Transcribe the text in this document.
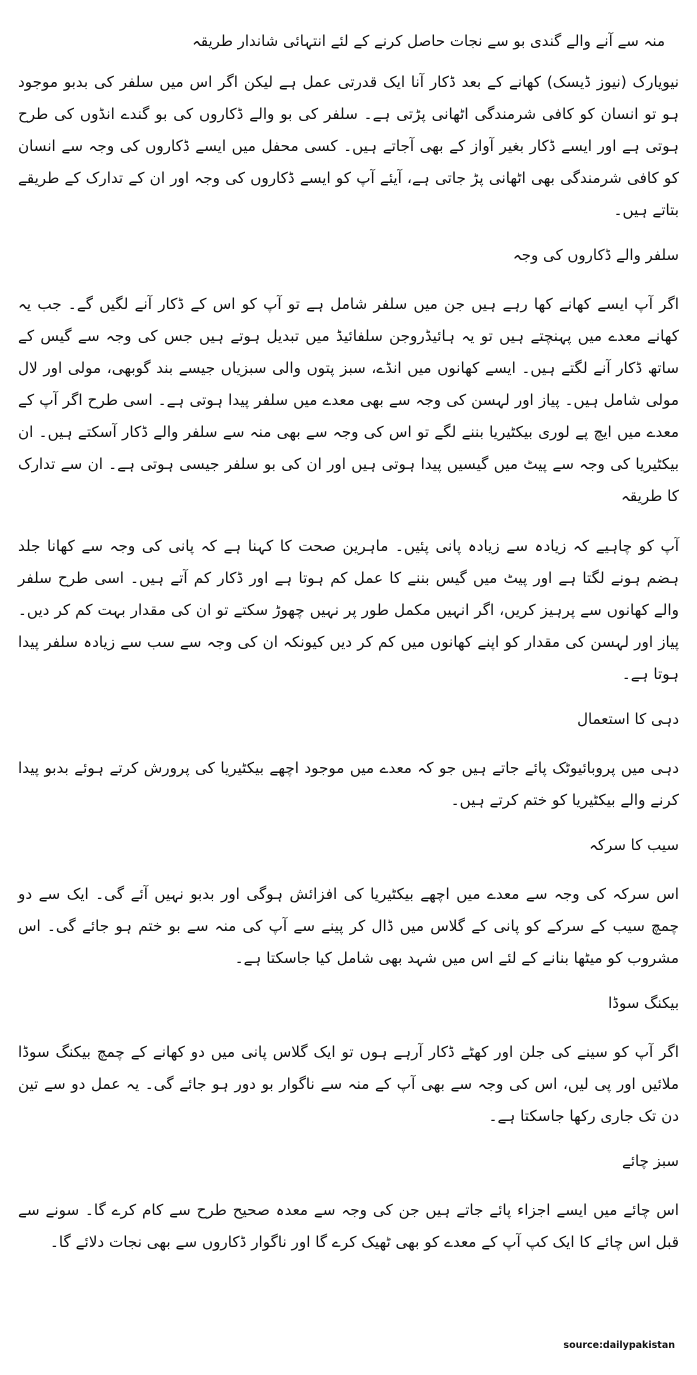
منہ سے آنے والے گندی بو سے نجات حاصل کرنے کے لئے انتہائی شاندار طریقہ

نیویارک (نیوز ڈیسک) کھانے کے بعد ڈکار آنا ایک قدرتی عمل ہے لیکن اگر اس میں سلفر کی بدبو موجود ہو تو انسان کو کافی شرمندگی اٹھانی پڑتی ہے۔ سلفر کی بو والے ڈکاروں کی بو گندے انڈوں کی طرح ہوتی ہے اور ایسے ڈکار بغیر آواز کے بھی آجاتے ہیں۔ کسی محفل میں ایسے ڈکاروں کی وجہ سے انسان کو کافی شرمندگی بھی اٹھانی پڑ جاتی ہے، آیئے آپ کو ایسے ڈکاروں کی وجہ اور ان کے تدارک کے طریقے بتاتے ہیں۔

سلفر والے ڈکاروں کی وجہ

اگر آپ ایسے کھانے کھا رہے ہیں جن میں سلفر شامل ہے تو آپ کو اس کے ڈکار آنے لگیں گے۔ جب یہ کھانے معدے میں پہنچتے ہیں تو یہ ہائیڈروجن سلفائیڈ میں تبدیل ہوتے ہیں جس کی وجہ سے گیس کے ساتھ ڈکار آنے لگتے ہیں۔ ایسے کھانوں میں انڈے، سبز پتوں والی سبزیاں جیسے بند گوبھی، مولی اور لال مولی شامل ہیں۔ پیاز اور لہسن کی وجہ سے بھی معدے میں سلفر پیدا ہوتی ہے۔ اسی طرح اگر آپ کے معدے میں ایچ پے لوری بیکٹیریا بننے لگے تو اس کی وجہ سے بھی منہ سے سلفر والے ڈکار آسکتے ہیں۔ ان بیکٹیریا کی وجہ سے پیٹ میں گیسیں پیدا ہوتی ہیں اور ان کی بو سلفر جیسی ہوتی ہے۔ ان سے تدارک کا طریقہ

آپ کو چاہیے کہ زیادہ سے زیادہ پانی پئیں۔ ماہرین صحت کا کہنا ہے کہ پانی کی وجہ سے کھانا جلد ہضم ہونے لگتا ہے اور پیٹ میں گیس بننے کا عمل کم ہوتا ہے اور ڈکار کم آتے ہیں۔ اسی طرح سلفر والے کھانوں سے پرہیز کریں، اگر انہیں مکمل طور پر نہیں چھوڑ سکتے تو ان کی مقدار بہت کم کر دیں۔ پیاز اور لہسن کی مقدار کو اپنے کھانوں میں کم کر دیں کیونکہ ان کی وجہ سے سب سے زیادہ سلفر پیدا ہوتا ہے۔

دہی کا استعمال

دہی میں پروبائیوٹک پائے جاتے ہیں جو کہ معدے میں موجود اچھے بیکٹیریا کی پرورش کرتے ہوئے بدبو پیدا کرنے والے بیکٹیریا کو ختم کرتے ہیں۔

سیب کا سرکہ

اس سرکہ کی وجہ سے معدے میں اچھے بیکٹیریا کی افزائش ہوگی اور بدبو نہیں آئے گی۔ ایک سے دو چمچ سیب کے سرکے کو پانی کے گلاس میں ڈال کر پینے سے آپ کی منہ سے بو ختم ہو جائے گی۔ اس مشروب کو میٹھا بنانے کے لئے اس میں شہد بھی شامل کیا جاسکتا ہے۔

بیکنگ سوڈا

اگر آپ کو سینے کی جلن اور کھٹے ڈکار آرہے ہوں تو ایک گلاس پانی میں دو کھانے کے چمچ بیکنگ سوڈا ملائیں اور پی لیں، اس کی وجہ سے بھی آپ کے منہ سے ناگوار بو دور ہو جائے گی۔ یہ عمل دو سے تین دن تک جاری رکھا جاسکتا ہے۔

سبز چائے

اس چائے میں ایسے اجزاء پائے جاتے ہیں جن کی وجہ سے معدہ صحیح طرح سے کام کرے گا۔ سونے سے قبل اس چائے کا ایک کپ آپ کے معدے کو بھی ٹھیک کرے گا اور ناگوار ڈکاروں سے بھی نجات دلائے گا۔

source:dailypakistan
